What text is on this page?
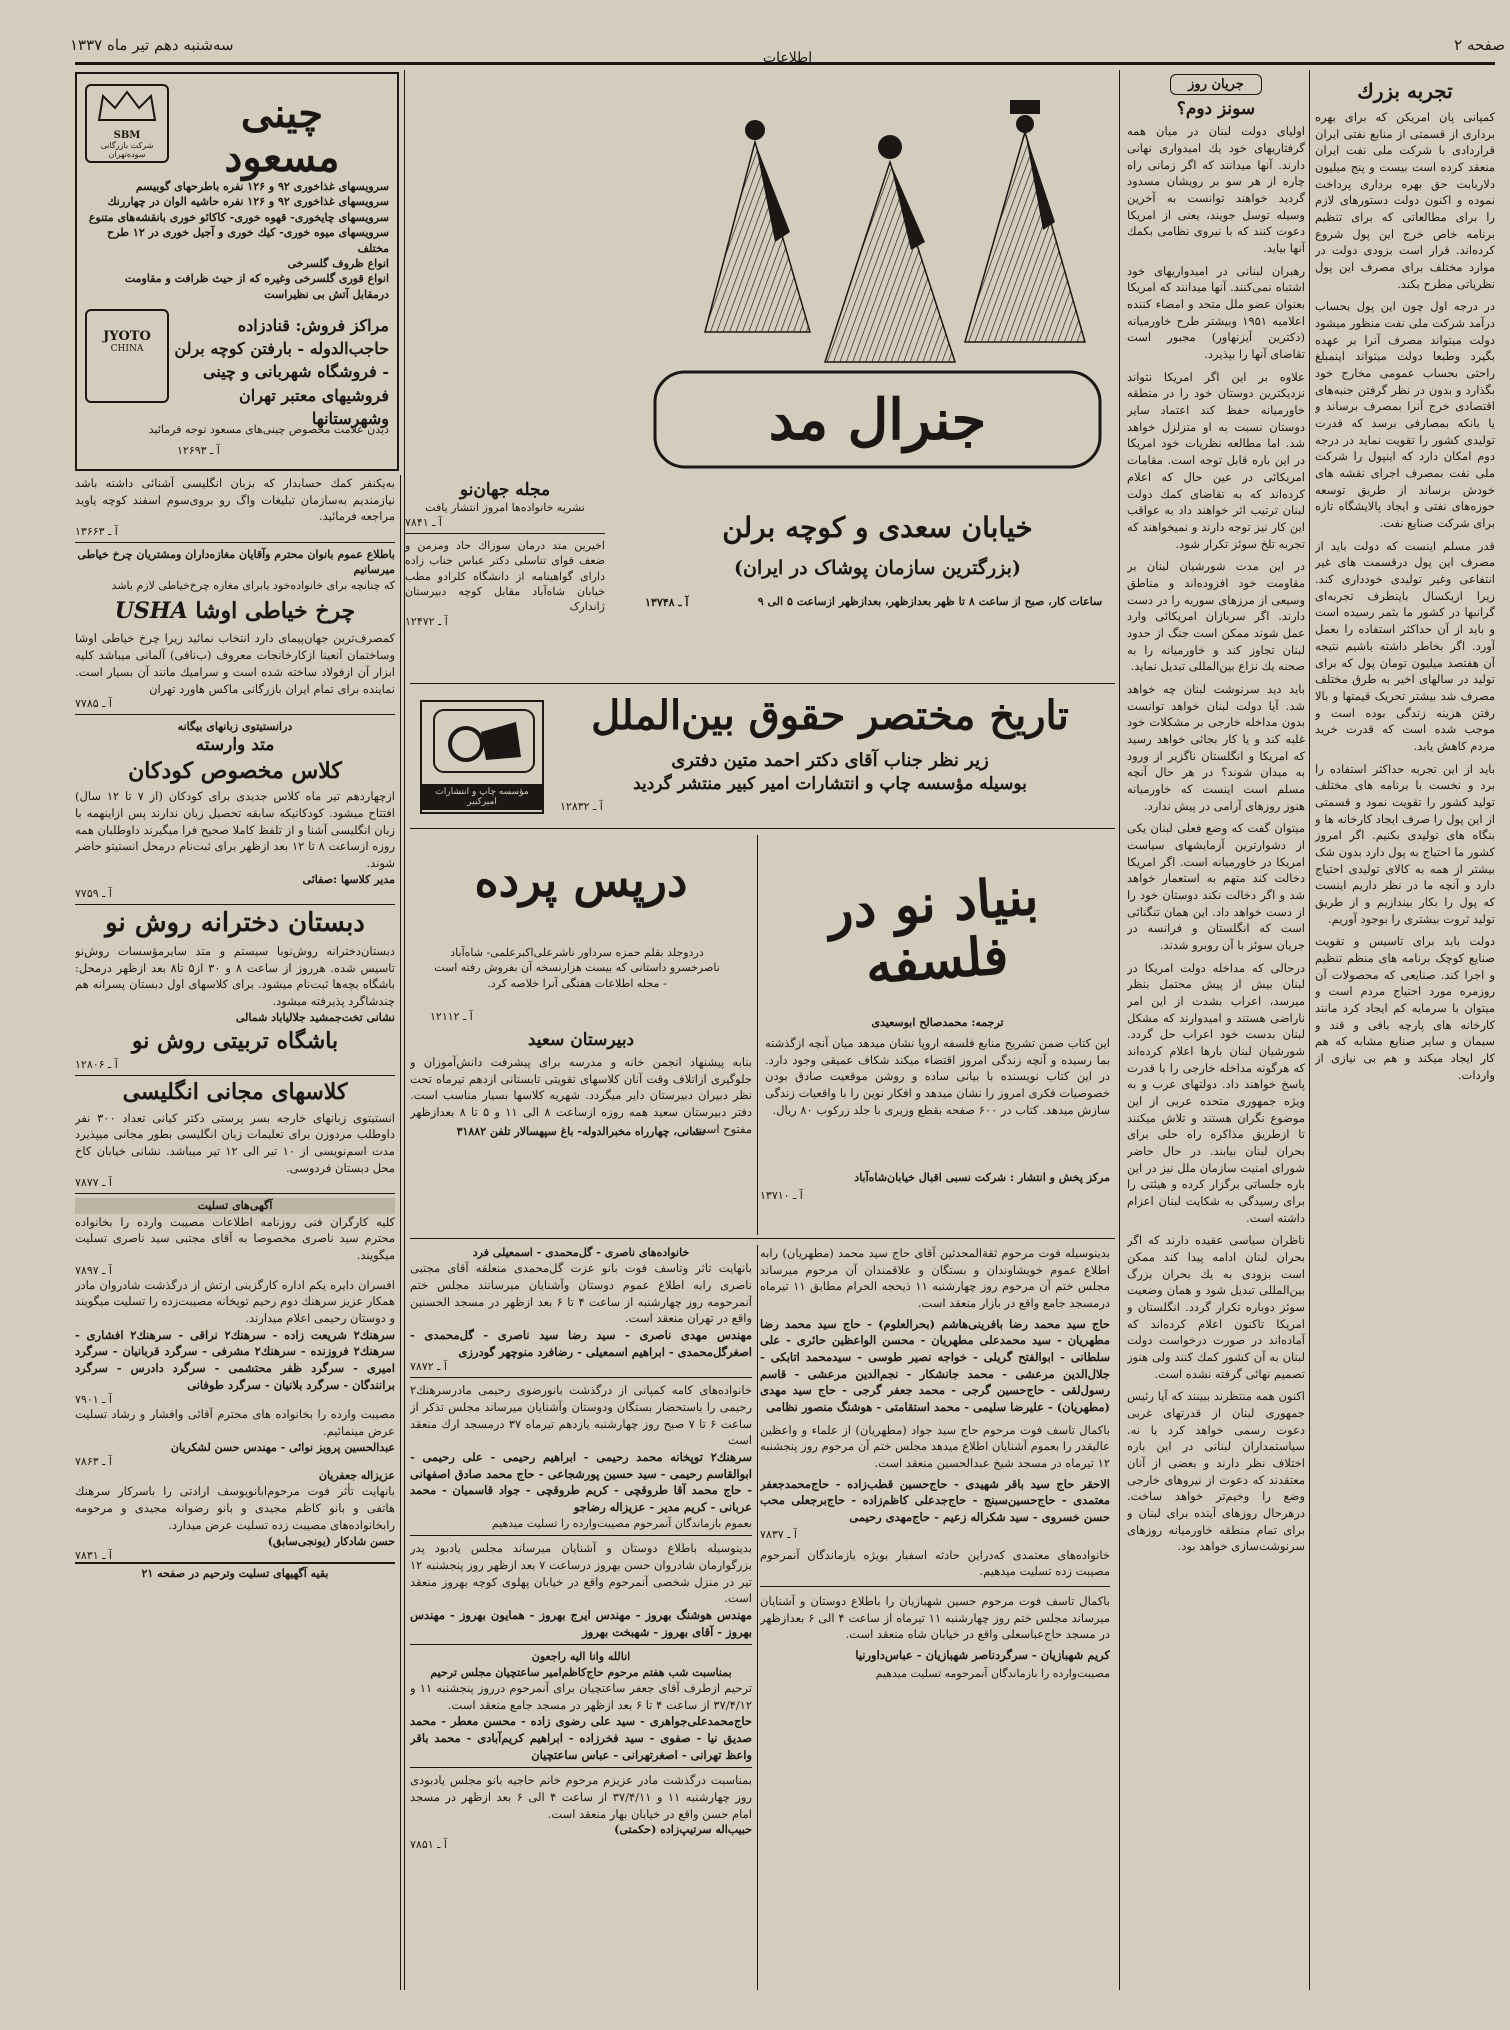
صفحه ۲
اطلاعات
سه‌شنبه دهم تیر ماه ۱۳۳۷
تجربه بزرك
کمپانی پان امریکن که برای بهره برداری از قسمتی از منابع نفتی ایران قراردادی با شرکت ملی نفت ایران منعقد کرده است بیست و پنج میلیون دلاربابت حق بهره برداری پرداخت نموده و اکنون دولت دستورهای لازم را برای مطالعاتی که برای تنظیم برنامه خاص خرج این پول شروع کرده‌اند. قرار است بزودی دولت در موارد مختلف برای مصرف این پول نظریاتی مطرح بکند.
در درجه اول چون این پول بحساب درآمد شرکت ملی نفت منظور میشود دولت میتواند مصرف آنرا بر عهده بگیرد وطبعا دولت میتواند اینمبلغ راحتی بحساب عمومی مخارج خود بگذارد و بدون در نظر گرفتن جنبه‌های اقتصادی خرج آنرا بمصرف برساند و یا بانکه بمصارفی برسد که قدرت تولیدی کشور را تقویت نماید در درجه دوم امکان دارد که اینپول را شرکت ملی نفت بمصرف اجرای نقشه های خودش برساند از طریق توسعه حوزه‌های نفتی و ایجاد پالایشگاه تازه برای شرکت صنایع نفت.
قدر مسلم اینست که دولت باید از مصرف این پول درقسمت های غیر انتفاعی وغیر تولیدی خودداری کند. زیرا ازیکسال باینطرف تجربه‌ای گرانبها در کشور ما بثمر رسیده است و باید از آن حداکثر استفاده را بعمل آورد. اگر بخاطر داشته باشیم نتیجه آن هفتصد میلیون تومان پول که برای تولید در سالهای اخیر به طرق مختلف مصرف شد بیشتر تحریک قیمتها و بالا رفتن هزینه زندگی بوده است و موجب شده است که قدرت خرید مردم کاهش یابد.
باید از این تجربه حداکثر استفاده را برد و نخست با برنامه های مختلف تولید کشور را تقویت نمود و قسمتی از این پول را صرف ایجاد کارخانه ها و بنگاه های تولیدی بکنیم. اگر امروز کشور ما احتیاج به پول دارد بدون شک بیشتر از همه به کالای تولیدی احتیاج دارد و آنچه ما در نظر داریم اینست که پول را بکار بیندازیم و از طریق تولید ثروت بیشتری را بوجود آوریم.
دولت باید برای تاسیس و تقویت صنایع کوچک برنامه های منظم تنظیم و اجرا کند. صنایعی که محصولات آن روزمره مورد احتیاج مردم است و میتوان با سرمایه کم ایجاد کرد مانند کارخانه های پارچه بافی و قند و سیمان و سایر صنایع مشابه که هم کار ایجاد میکند و هم بی نیازی از واردات.
جریان روز
سونز دوم؟
اوليای دولت لبنان در ميان همه گرفتاريهای خود يك اميدواری نهانی دارند. آنها ميدانند که اگر زمانی راه چاره از هر سو بر رويشان مسدود گرديد خواهند توانست به آخرين وسيله توسل جويند، يعنی از امريکا دعوت کنند که با نيروی نظامی بکمك آنها بيايد.
رهبران لبنانی در اميدواريهای خود اشتباه نمی‌کنند. آنها ميدانند که امريکا بعنوان عضو ملل متحد و امضاء کننده اعلاميه ۱۹۵۱ وبيشتر طرح خاورميانه (دکترين آيزنهاور) مجبور است تقاضای آنها را بپذيرد.
علاوه بر اين اگر امريکا نتواند نزديکترين دوستان خود را در منطقه خاورميانه حفظ کند اعتماد سایر دوستان نسبت به او متزلزل خواهد شد. اما مطالعه نظریات خود امریکا در این باره قابل توجه است. مقامات امریکائی در عین حال که اعلام کرده‌اند که به تقاضای کمك دولت لبنان ترتیب اثر خواهند داد به عواقب این کار نیز توجه دارند و نمیخواهند که تجربه تلخ سوئز تکرار شود.
در اين مدت شورشيان لبنان بر مقاومت خود افزوده‌اند و مناطق وسيعی از مرزهای سوريه را در دست دارند. اگر سربازان امريکائی وارد عمل شوند ممکن است جنگ از حدود لبنان تجاوز کند و خاورميانه را به صحنه يك نزاع بين‌المللی تبديل نمايد.
بايد ديد سرنوشت لبنان چه خواهد شد. آيا دولت لبنان خواهد توانست بدون مداخله خارجی بر مشکلات خود غلبه کند و يا کار بجائی خواهد رسيد که امريکا و انگلستان ناگزير از ورود به ميدان شوند؟ در هر حال آنچه مسلم است اينست که خاورميانه هنوز روزهای آرامی در پيش ندارد.
ميتوان گفت که وضع فعلی لبنان يکی از دشوارترين آزمايشهای سياست امريکا در خاورميانه است. اگر امريکا دخالت کند متهم به استعمار خواهد شد و اگر دخالت نکند دوستان خود را از دست خواهد داد. اين همان تنگنائی است که انگلستان و فرانسه در جريان سوئز با آن روبرو شدند.
درحالی که مداخله دولت امریکا در لبنان بیش از پیش محتمل بنظر میرسد، اعراب بشدت از این امر ناراضی هستند و امیدوارند که مشکل لبنان بدست خود اعراب حل گردد. شورشیان لبنان بارها اعلام کرده‌اند که هرگونه مداخله خارجی را با قدرت پاسخ خواهند داد. دولتهای عرب و به ویژه جمهوری متحده عربی از این موضوع نگران هستند و تلاش میکنند تا ازطریق مذاکره راه حلی برای بحران لبنان بیابند. در حال حاضر شورای امنیت سازمان ملل نیز در این باره جلساتی برگزار کرده و هیئتی را برای رسیدگی به شکایت لبنان اعزام داشته است.
ناظران سیاسی عقیده دارند که اگر بحران لبنان ادامه پیدا کند ممکن است بزودی به يك بحران بزرگ بین‌المللی تبدیل شود و همان وضعیت سوئز دوباره تکرار گردد. انگلستان و امریکا تاکنون اعلام کرده‌اند که آماده‌اند در صورت درخواست دولت لبنان به آن کشور کمك کنند ولی هنوز تصمیم نهائی گرفته نشده است.
اکنون همه منتظرند ببینند که آیا رئیس جمهوری لبنان از قدرتهای غربی دعوت رسمی خواهد کرد یا نه. سیاستمداران لبنانی در این باره اختلاف نظر دارند و بعضی از آنان معتقدند که دعوت از نیروهای خارجی وضع را وخیم‌تر خواهد ساخت. درهرحال روزهای آینده برای لبنان و برای تمام منطقه خاورمیانه روزهای سرنوشت‌سازی خواهد بود.
جنرال مد
خیابان سعدی و کوچه برلن
(بزرگترین سازمان پوشاک در ایران)
ساعات کار، صبح از ساعت ۸ تا ظهر بعدازظهر، بعدازظهر ازساعت ۵ الی ۹
آ ـ ۱۳۷۴۸
تاریخ مختصر حقوق بین‌الملل
زیر نظر جناب آقای دکتر احمد متین دفتری
بوسیله مؤسسه چاپ و انتشارات امیر کبیر منتشر گردید
آ ـ ۱۲۸۳۲
مؤسسه چاپ و انتشارات امیرکبیر
بنیاد نو در فلسفه
ترجمه: محمدصالح ابوسعیدی
این کتاب ضمن تشریح منابع فلسفه اروپا نشان میدهد میان آنچه ازگذشته بما رسیده و آنچه زندگی امروز اقتضاء میکند شکاف عمیقی وجود دارد. در این کتاب نویسنده با بیانی ساده و روشن موقعیت صادق بودن خصوصیات فکری امروز را نشان میدهد و افکار نوین را با واقعیات زندگی سازش میدهد. کتاب در ۶۰۰ صفحه بقطع وزیری با جلد زرکوب ۸۰ ریال.
مرکز پخش و انتشار : شرکت نسبی اقبال خیابان‌شاه‌آباد
آ ـ ۱۳۷۱۰
درپس پرده
دردوجلد بقلم حمزه سرداور ناشرعلی‌اکبرعلمی- شاه‌آباد ناصرخسرو داستانی که بیست هزارنسخه آن بفروش رفته است - مجله اطلاعات هفتگی آنرا خلاصه کرد.
آ ـ ۱۲۱۱۲
دبیرستان سعید
بنابه پیشنهاد انجمن خانه و مدرسه برای پیشرفت دانش‌آموزان و جلوگیری ازاتلاف وقت آنان کلاسهای تقویتی تابستانی ازدهم تیرماه تحت نظر دبیران دبیرستان دایر میگردد. شهریه کلاسها بسیار مناسب است. دفتر دبیرستان سعید همه روزه ازساعت ۸ الی ۱۱ و ۵ تا ۸ بعدازظهر مفتوح است.
نشانی، چهارراه مخبرالدوله- باغ سپهسالار تلفن ۳۱۸۸۲
بدینوسیله فوت مرحوم ثقة‌المحدثین آقای حاج سید محمد (مطهریان) رابه اطلاع عموم خویشاوندان و بستگان و علاقمندان آن مرحوم میرساند مجلس ختم آن مرحوم روز چهارشنبه ۱۱ ذیحجه الحرام مطابق ۱۱ تیرماه درمسجد جامع واقع در بازار منعقد است.
حاج سید محمد رضا بافرینی‌هاشم (بحرالعلوم) - حاج سید محمد رضا مطهریان - سید محمدعلی مطهریان - محسن الواعظین حائری - علی سلطانی - ابوالفتح گریلی - خواجه نصیر طوسی - سیدمحمد اتابکی - جلال‌الدین مرعشی - محمد جانشکار - نجم‌الدین مرعشی - قاسم رسول‌لقی - حاج‌حسین گرجی - محمد جعفر گرجی - حاج سید مهدی (مطهریان) - علیرضا سلیمی - محمد استقامتی - هوشنگ منصور نظامی
باکمال تاسف فوت مرحوم حاج سید جواد (مطهریان) از علماء و واعظین عالیقدر را بعموم آشنایان اطلاع میدهد مجلس ختم آن مرحوم روز پنجشنبه ۱۲ تیرماه در مسجد شیخ عبدالحسین منعقد است.
الاحقر حاج سید باقر شهیدی - حاج‌حسین قطب‌زاده - حاج‌محمدجعفر معتمدی - حاج‌حسین‌سبنج - حاج‌جدعلی کاظم‌زاده - حاج‌برجعلی محب حسن خسروی - سید شکراله زعیم - حاج‌مهدی رحیمی
آ ـ ۷۸۳۷
خانواده‌های معتمدی که‌دراین حادثه اسفبار بویژه بازماندگان آنمرحوم مصیبت زده تسلیت میدهیم.
باکمال تاسف فوت مرحوم حسین شهبازیان را باطلاع دوستان و آشنایان میرساند مجلس ختم روز چهارشنبه ۱۱ تیرماه از ساعت ۴ الی ۶ بعدازظهر در مسجد حاج‌عباسعلی واقع در خیابان شاه منعقد است.
کریم شهبازیان - سرگردناصر شهبازیان - عباس‌داورنیا
مصیبت‌وارده را بازماندگان آنمرحومه تسلیت میدهیم
خانواده‌های ناصری - گل‌محمدی - اسمعیلی فرد
بانهایت تاثر وتاسف فوت بانو عزت گل‌محمدی منعلقه آقای مجتبی ناصری رابه اطلاع عموم دوستان وآشنایان میرسانند مجلس ختم آنمرحومه روز چهارشنبه از ساعت ۴ تا ۶ بعد ازظهر در مسجد الحسنین واقع در تهران منعقد است.
مهندس مهدی ناصری - سید رضا سید ناصری - گل‌محمدی - اصغرگل‌محمدی - ابراهیم اسمعیلی - رضافرد منوچهر گودرزی
آ ـ ۷۸۷۲
خانواده‌های کامه کمپانی از درگذشت بانورضوی رحیمی مادرسرهنك۲ رحیمی را باستحضار بستگان ودوستان وآشنایان میرساند مجلس تذکر از ساعت ۶ تا ۷ صبح روز چهارشنبه یازدهم تیرماه ۳۷ درمسجد ارك منعقد است
سرهنك۲ توپخانه محمد رحیمی - ابراهیم رحیمی - علی رحیمی - ابوالقاسم رحیمی - سید حسین پورشجاعی - حاج محمد صادق اصفهانی - حاج محمد آقا طروقچی - کریم طروقچی - جواد قاسمیان - محمد عربانی - کریم مدیر - عزیزاله رضاجو
بعموم بازماندگان آنمرحوم مصیبت‌وارده را تسلیت میدهیم
بدینوسیله باطلاع دوستان و آشنایان میرساند مجلس یادبود پدر بزرگوارمان شادروان حسن بهروز درساعت ۷ بعد ازظهر روز پنجشنبه ۱۲ تیر در منزل شخصی آنمرحوم واقع در خیابان پهلوی کوچه بهروز منعقد است.
مهندس هوشنگ بهروز - مهندس ایرج بهروز - همایون بهروز - مهندس بهروز - آقای بهروز - شهبخت بهروز
انالله وانا الیه راجعون
بمناسبت شب هفتم مرحوم حاج‌کاظم‌امیر ساعتچیان مجلس ترحیم
ترحیم ازطرف آقای جعفر ساعتچیان برای آنمرحوم درروز پنجشنبه ۱۱ و ۳۷/۴/۱۲ از ساعت ۴ تا ۶ بعد ازظهر در مسجد جامع منعقد است.
حاج‌محمدعلی‌جواهری - سید علی رضوی زاده - محسن معطر - محمد صدیق نیا - صفوی - سید فخرزاده - ابراهیم کریم‌آبادی - محمد باقر واعظ تهرانی - اصغرتهرانی - عباس ساعتچیان
بمناسبت درگذشت مادر عزیزم مرحوم خانم حاجیه بانو مجلس یادبودی روز چهارشنبه ۱۱ و ۳۷/۴/۱۱ از ساعت ۴ الی ۶ بعد ازظهر در مسجد امام حسن واقع در خیابان بهار منعقد است.
حبیب‌اله سرتیپ‌زاده (حکمتی)
آ ـ ۷۸۵۱
SBM
شرکت بازرگانی سوده‌تهران
چینی مسعود
سرویسهای غذاخوری ۹۲ و ۱۲۶ نفره باطرحهای گوبیسم
سرویسهای غذاخوری ۹۲ و ۱۲۶ نفره حاشیه الوان در چهاررنك
سرویسهای چایخوری- قهوه خوری- کاکائو خوری بانقشه‌های متنوع
سرویسهای میوه خوری- کیك خوری و آجیل خوری در ۱۲ طرح مختلف
انواع ظروف گلسرخی
انواع قوری گلسرخی وغیره که از حیث ظرافت و مقاومت درمقابل آتش بی نظیراست
JYOTO
CHINA
مراکز فروش: قنادزاده حاجب‌الدوله - بارفتن کوچه برلن - فروشگاه شهربانی و چینی فروشیهای معتبر تهران وشهرستانها
دیدن علامت مخصوص چینی‌های مسعود توجه فرمائید
آ ـ ۱۲۶۹۳
به‌یکنفر کمك حسابدار که بزبان انگلیسی آشنائی داشته باشد نیازمندیم به‌سازمان تبلیغات واگ رو بروی‌سوم اسفند کوچه یاوید مراجعه فرمائید.
آ ـ ۱۳۶۶۳
باطلاع عموم بانوان محترم وآقایان مغازه‌داران ومشتریان چرخ خیاطی میرسانیم
که چنانچه برای خانواده‌خود یابرای مغازه چرخ‌خیاطی لازم باشد
چرخ خیاطی اوشا USHA
کمصرف‌ترین جهان‌پیمای دارد انتخاب نمائید زیرا چرخ خیاطی اوشا وساختمان آنعینا ازکارخانجات معروف (ب‌نافی) آلمانی میباشد کلیه ابزار آن ازفولاد ساخته شده است و سرامیك مانند آن بسیار است. نماینده برای تمام ایران بازرگانی ماکس هاورد تهران
آ ـ ۷۷۸۵
درانستیتوی زبانهای بیگانه
متد وارسته
کلاس مخصوص کودکان
ازچهاردهم تیر ماه کلاس جدیدی برای کودکان (از ۷ تا ۱۲ سال) افتتاح میشود. کودکانیکه سابقه تحصیل زبان ندارند پس ازاینهمه با زبان انگلیسی آشنا و از تلفظ کاملا صحیح فرا میگیرند داوطلبان همه روزه ازساعت ۸ تا ۱۲ بعد ازظهر برای ثبت‌نام درمحل انستیتو حاضر شوند.
مدیر کلاسها :صفائی
آ ـ ۷۷۵۹
دبستان دخترانه روش نو
دبستان‌دخترانه روش‌نوبا سیستم و متد سایرمؤسسات روش‌نو تاسیس شده. هرروز از ساعت ۸ و ۳۰ از۵ تا۸ بعد ازظهر درمحل: باشگاه بچه‌ها ثبت‌نام میشود. برای کلاسهای اول دبستان پسرانه هم چندشاگرد پذیرفته میشود.
نشانی تخت‌جمشید جلالیاباد شمالی
باشگاه تربیتی روش نو
آ ـ ۱۲۸۰۶
کلاسهای مجانی انگلیسی
انستیتوی زبانهای خارجه بسر پرستی دکتر کیانی تعداد ۳۰۰ نفر داوطلب مردوزن برای تعلیمات زبان انگلیسی بطور مجانی میپذیرد مدت اسم‌نویسی از ۱۰ تیر الی ۱۲ تیر میباشد. نشانی خیابان کاخ محل دبستان فردوسی.
آ ـ ۷۸۷۷
آگهی‌های تسلیت
کلیه کارگران فنی روزنامه اطلاعات مصیبت وارده را بخانواده محترم سید ناصری مخصوصا به آقای مجتبی سید ناصری تسلیت میگویند.
آ ـ ۷۸۹۷
افسران دایره یکم اداره کارگزینی ارتش از درگذشت شادروان مادر همکار عزیز سرهنك دوم رحیم توپخانه مصیبت‌زده را تسلیت میگویند و دوستان رحیمی اعلام میدارند.
سرهنك۲ شریعت زاده - سرهنك۲ نراقی - سرهنك۲ افشاری - سرهنك۲ فروزنده - سرهنك۲ مشرفی - سرگرد قربانیان - سرگرد امیری - سرگرد ظفر محتشمی - سرگرد دادرس - سرگرد برانندگان - سرگرد بلانیان - سرگرد طوفانی
آ ـ ۷۹۰۱
مصیبت وارده را بخانواده های محترم آقائی وافشار و رشاد تسلیت عرض مینمائیم.
عبدالحسین پرویز نوائی - مهندس حسن لشکریان
آ ـ ۷۸۶۳
عزیزاله جعفریان
بانهایت تأثر فوت مرحوم‌ابانویوسف ارادتی را باسرکار سرهنك هاتفی و بانو کاظم مجیدی و بانو رضوانه مجیدی و مرحومه رابخانواده‌های مصیبت زده تسلیت عرض میدارد.
حسن شادکار (یونجی‌سابق)
آ ـ ۷۸۳۱
بقیه آگهیهای تسلیت وترحیم در صفحه ۲۱
مجله جهان‌نو
نشریه خانواده‌ها امروز انتشار یافت
آ ـ ۷۸۴۱
اخیرین متد درمان سوزاك حاد ومزمن و ضعف قوای تناسلی دکتر عباس جناب زاده دارای گواهینامه از دانشگاه کلرادو مطب خیابان شاه‌آباد مقابل کوچه دبیرستان ژاندارک
آ ـ ۱۲۴۷۲
